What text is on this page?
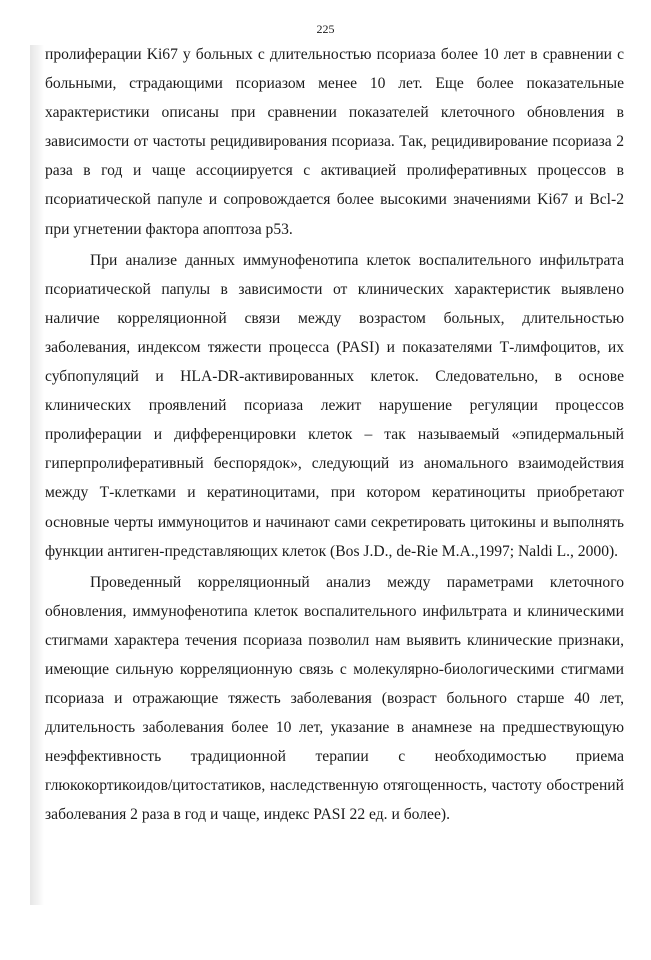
225

пролиферации Ki67 у больных с длительностью псориаза более 10 лет в сравнении с больными, страдающими псориазом менее 10 лет. Еще более показательные характеристики описаны при сравнении показателей клеточного обновления в зависимости от частоты рецидивирования псориаза. Так, рецидивирование псориаза 2 раза в год и чаще ассоциируется с активацией пролиферативных процессов в псориатической папуле и сопровождается более высокими значениями Ki67 и Bcl-2 при угнетении фактора апоптоза p53.

При анализе данных иммунофенотипа клеток воспалительного инфильтрата псориатической папулы в зависимости от клинических характеристик выявлено наличие корреляционной связи между возрастом больных, длительностью заболевания, индексом тяжести процесса (PASI) и показателями Т-лимфоцитов, их субпопуляций и HLA-DR-активированных клеток. Следовательно, в основе клинических проявлений псориаза лежит нарушение регуляции процессов пролиферации и дифференцировки клеток – так называемый «эпидермальный гиперпролиферативный беспорядок», следующий из аномального взаимодействия между Т-клетками и кератиноцитами, при котором кератиноциты приобретают основные черты иммуноцитов и начинают сами секретировать цитокины и выполнять функции антиген-представляющих клеток (Bos J.D., de-Rie M.A.,1997; Naldi L., 2000).

Проведенный корреляционный анализ между параметрами клеточного обновления, иммунофенотипа клеток воспалительного инфильтрата и клиническими стигмами характера течения псориаза позволил нам выявить клинические признаки, имеющие сильную корреляционную связь с молекулярно-биологическими стигмами псориаза и отражающие тяжесть заболевания (возраст больного старше 40 лет, длительность заболевания более 10 лет, указание в анамнезе на предшествующую неэффективность традиционной терапии с необходимостью приема глюкокортикоидов/цитостатиков, наследственную отягощенность, частоту обострений заболевания 2 раза в год и чаще, индекс PASI 22 ед. и более).
